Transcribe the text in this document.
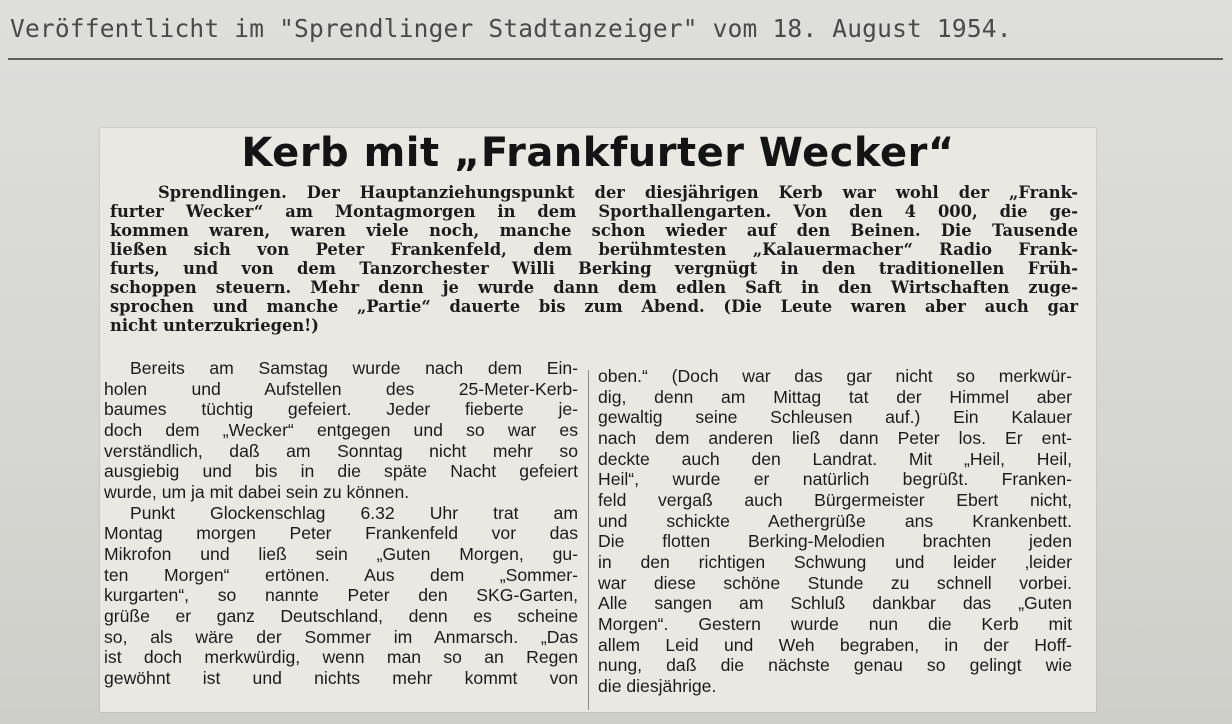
Veröffentlicht im "Sprendlinger Stadtanzeiger" vom 18. August 1954.
Kerb mit „Frankfurter Wecker“
Sprendlingen. Der Hauptanziehungspunkt der diesjährigen Kerb war wohl der „Frank-
furter Wecker“ am Montagmorgen in dem Sporthallengarten. Von den 4 000, die ge-
kommen waren, waren viele noch, manche schon wieder auf den Beinen. Die Tausende
ließen sich von Peter Frankenfeld, dem berühmtesten „Kalauermacher“ Radio Frank-
furts, und von dem Tanzorchester Willi Berking vergnügt in den traditionellen Früh-
schoppen steuern. Mehr denn je wurde dann dem edlen Saft in den Wirtschaften zuge-
sprochen und manche „Partie“ dauerte bis zum Abend. (Die Leute waren aber auch gar
nicht unterzukriegen!)
Bereits am Samstag wurde nach dem Ein-
holen und Aufstellen des 25-Meter-Kerb-
baumes tüchtig gefeiert. Jeder fieberte je-
doch dem „Wecker“ entgegen und so war es
verständlich, daß am Sonntag nicht mehr so
ausgiebig und bis in die späte Nacht gefeiert
wurde, um ja mit dabei sein zu können.
Punkt Glockenschlag 6.32 Uhr trat am
Montag morgen Peter Frankenfeld vor das
Mikrofon und ließ sein „Guten Morgen, gu-
ten Morgen“ ertönen. Aus dem „Sommer-
kurgarten“, so nannte Peter den SKG-Garten,
grüße er ganz Deutschland, denn es scheine
so, als wäre der Sommer im Anmarsch. „Das
ist doch merkwürdig, wenn man so an Regen
gewöhnt ist und nichts mehr kommt von
oben.“ (Doch war das gar nicht so merkwür-
dig, denn am Mittag tat der Himmel aber
gewaltig seine Schleusen auf.) Ein Kalauer
nach dem anderen ließ dann Peter los. Er ent-
deckte auch den Landrat. Mit „Heil, Heil,
Heil“, wurde er natürlich begrüßt. Franken-
feld vergaß auch Bürgermeister Ebert nicht,
und schickte Aethergrüße ans Krankenbett.
Die flotten Berking-Melodien brachten jeden
in den richtigen Schwung und leider ‚leider
war diese schöne Stunde zu schnell vorbei.
Alle sangen am Schluß dankbar das „Guten
Morgen“. Gestern wurde nun die Kerb mit
allem Leid und Weh begraben, in der Hoff-
nung, daß die nächste genau so gelingt wie
die diesjährige.
